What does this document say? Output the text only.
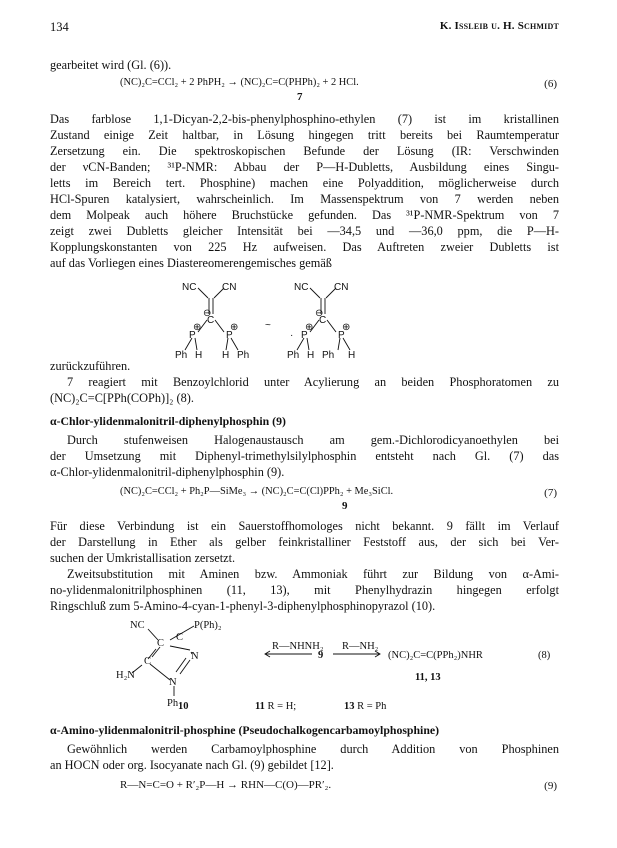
134	K. Issleib u. H. Schmidt
gearbeitet wird (Gl. (6)).
(NC)₂C=CCl₂ + 2 PhPH₂ → (NC)₂C=C(PHPh)₂ + 2 HCl.
7
(6)
Das farblose 1,1-Dicyan-2,2-bis-phenylphosphino-ethylen (7) ist im kristallinen
Zustand einige Zeit haltbar, in Lösung hingegen tritt bereits bei Raumtemperatur
Zersetzung ein. Die spektroskopischen Befunde der Lösung (IR: Verschwinden
der νCN-Banden; ³¹P-NMR: Abbau der P—H-Dubletts, Ausbildung eines Singu-
letts im Bereich tert. Phosphine) machen eine Polyaddition, möglicherweise durch
HCl-Spuren katalysiert, wahrscheinlich. Im Massenspektrum von 7 werden neben
dem Molpeak auch höhere Bruchstücke gefunden. Das ³¹P-NMR-Spektrum von 7
zeigt zwei Dubletts gleicher Intensität bei —34,5 und —36,0 ppm, die P—H-
Kopplungskonstanten von 225 Hz aufweisen. Das Auftreten zweier Dubletts ist
auf das Vorliegen eines Diastereomerengemisches gemäß
NC	CN
C
⊖
P	P
⊕	⊕
Ph H H Ph
~
NC	CN
C
⊖
· P	P
⊕	⊕
Ph H Ph H
zurückzuführen.
7 reagiert mit Benzoylchlorid unter Acylierung an beiden Phosphoratomen zu
(NC)₂C=C[PPh(COPh)]₂ (8).
α-Chlor-ylidenmalonitril-diphenylphosphin (9)
Durch stufenweisen Halogenaustausch am gem.-Dichlorodicyanoethylen bei
der Umsetzung mit Diphenyl-trimethylsilylphosphin entsteht nach Gl. (7) das
α-Chlor-ylidenmalonitril-diphenylphosphin (9).
(NC)₂C=CCl₂ + Ph₂P—SiMe₃ → (NC)₂C=C(Cl)PPh₂ + Me₃SiCl.
9
(7)
Für diese Verbindung ist ein Sauerstoffhomologes nicht bekannt. 9 fällt im Verlauf
der Darstellung in Ether als gelber feinkristalliner Feststoff aus, der sich bei Ver-
suchen der Umkristallisation zersetzt.
Zweitsubstitution mit Aminen bzw. Ammoniak führt zur Bildung von α-Ami-
no-ylidenmalonitrilphosphinen (11, 13), mit Phenylhydrazin hingegen erfolgt
Ringschluß zum 5-Amino-4-cyan-1-phenyl-3-diphenylphosphinopyrazol (10).
NC
C
C
P(Ph)₂
C	N
H₂N
N
Ph
R—NHNH₂
9
R—NH₂
(NC)₂C=C(PPh₂)NHR	(8)
11, 13
10	11 R = H;	13 R = Ph
α-Amino-ylidenmalonitril-phosphine (Pseudochalkogencarbamoylphosphine)
Gewöhnlich werden Carbamoylphosphine durch Addition von Phosphinen
an HOCN oder org. Isocyanate nach Gl. (9) gebildet [12].
R—N=C=O + R′₂P—H → RHN—C(O)—PR′₂.	(9)
